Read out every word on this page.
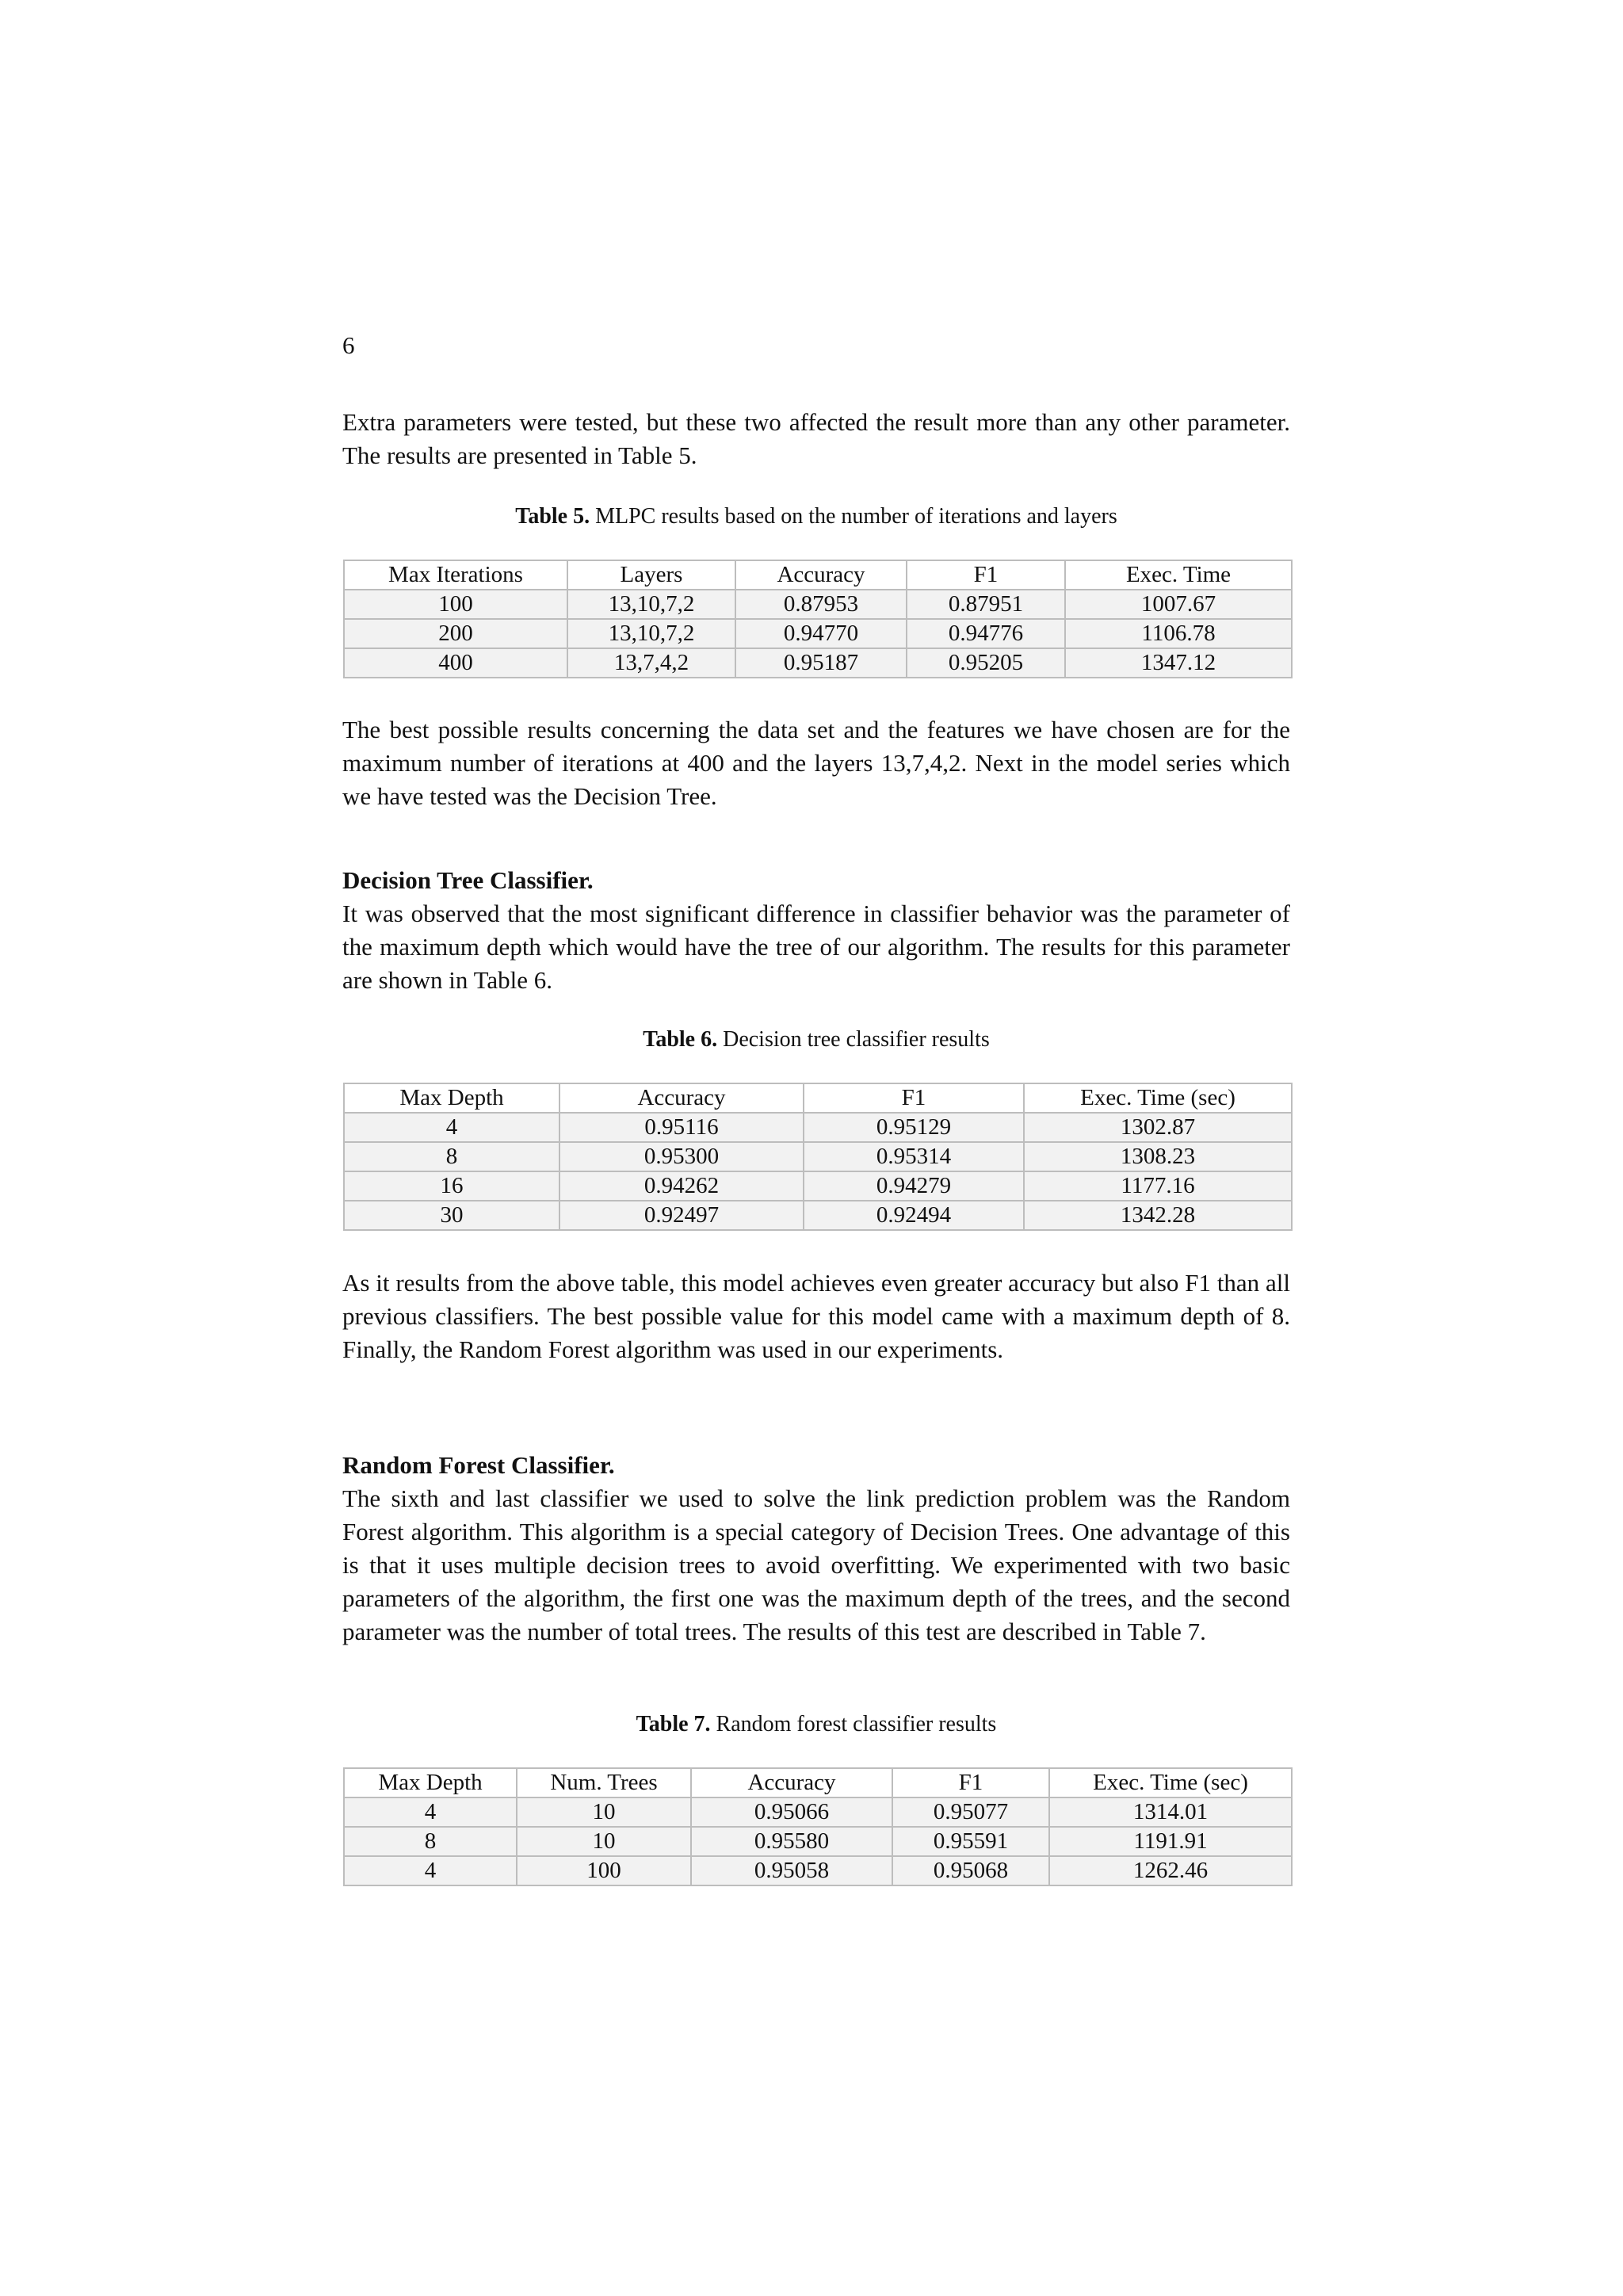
6

Extra parameters were tested, but these two affected the result more than any other parameter. The results are presented in Table 5.

Table 5. MLPC results based on the number of iterations and layers
Max Iterations	Layers	Accuracy	F1	Exec. Time
100	13,10,7,2	0.87953	0.87951	1007.67
200	13,10,7,2	0.94770	0.94776	1106.78
400	13,7,4,2	0.95187	0.95205	1347.12

The best possible results concerning the data set and the features we have chosen are for the maximum number of iterations at 400 and the layers 13,7,4,2. Next in the model series which we have tested was the Decision Tree.

Decision Tree Classifier.

It was observed that the most significant difference in classifier behavior was the parameter of the maximum depth which would have the tree of our algorithm. The results for this parameter are shown in Table 6.

Table 6. Decision tree classifier results
Max Depth	Accuracy	F1	Exec. Time (sec)
4	0.95116	0.95129	1302.87
8	0.95300	0.95314	1308.23
16	0.94262	0.94279	1177.16
30	0.92497	0.92494	1342.28

As it results from the above table, this model achieves even greater accuracy but also F1 than all previous classifiers. The best possible value for this model came with a maximum depth of 8. Finally, the Random Forest algorithm was used in our experiments.

Random Forest Classifier.

The sixth and last classifier we used to solve the link prediction problem was the Random Forest algorithm. This algorithm is a special category of Decision Trees. One advantage of this is that it uses multiple decision trees to avoid overfitting. We experimented with two basic parameters of the algorithm, the first one was the maximum depth of the trees, and the second parameter was the number of total trees. The results of this test are described in Table 7.

Table 7. Random forest classifier results
Max Depth	Num. Trees	Accuracy	F1	Exec. Time (sec)
4	10	0.95066	0.95077	1314.01
8	10	0.95580	0.95591	1191.91
4	100	0.95058	0.95068	1262.46
